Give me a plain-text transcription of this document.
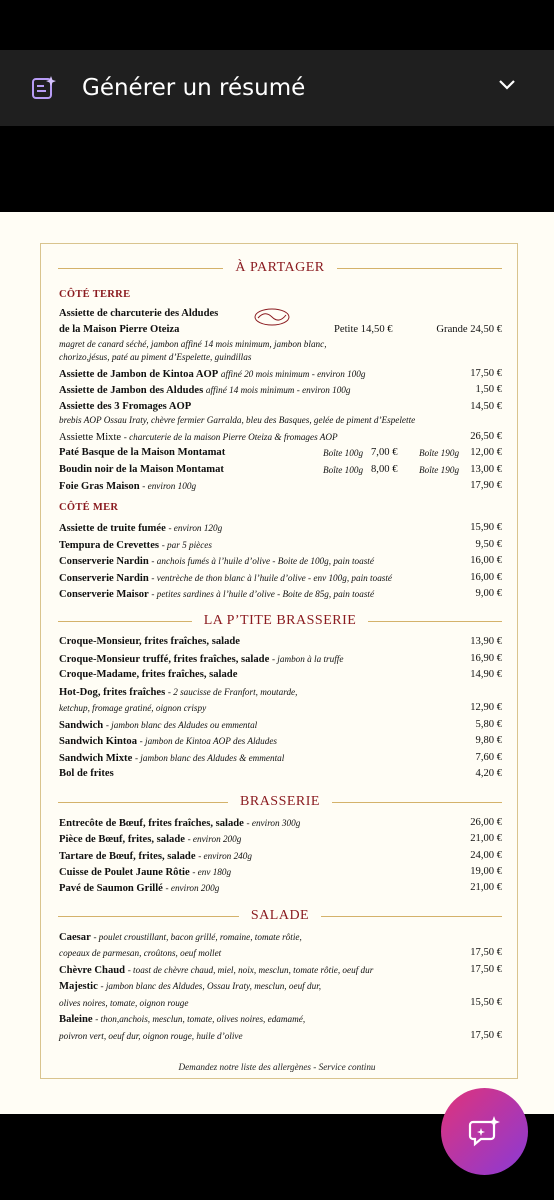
Générer un résumé
À PARTAGER
CÔTÉ TERRE
Assiette de charcuterie des Aldudes
de la Maison Pierre Oteiza	Petite 14,50 €	Grande 24,50 €
magret de canard séché, jambon affiné 14 mois minimum, jambon blanc,
chorizo,jésus, paté au piment d’Espelette, guindillas
Assiette de Jambon de Kintoa AOP affiné 20 mois minimum - environ 100g	17,50 €
Assiette de Jambon des Aldudes affiné 14 mois minimum - environ 100g	1,50 €
Assiette des 3 Fromages AOP	14,50 €
brebis AOP Ossau Iraty, chèvre fermier Garralda, bleu des Basques, gelée de piment d’Espelette
Assiette Mixte - charcuterie de la maison Pierre Oteiza & fromages AOP	26,50 €
Paté Basque de la Maison Montamat	Boîte 100g 7,00 € Boîte 190g 12,00 €
Boudin noir de la Maison Montamat	Boîte 100g 8,00 € Boîte 190g 13,00 €
Foie Gras Maison - environ 100g	17,90 €
CÔTÉ MER
Assiette de truite fumée - environ 120g	15,90 €
Tempura de Crevettes - par 5 pièces	9,50 €
Conserverie Nardin - anchois fumés à l’huile d’olive - Boite de 100g, pain toasté	16,00 €
Conserverie Nardin - ventrèche de thon blanc à l’huile d’olive - env 100g, pain toasté	16,00 €
Conserverie Maisor - petites sardines à l’huile d’olive - Boite de 85g, pain toasté	9,00 €
LA P’TITE BRASSERIE
Croque-Monsieur, frites fraîches, salade	13,90 €
Croque-Monsieur truffé, frites fraîches, salade - jambon à la truffe	16,90 €
Croque-Madame, frites fraîches, salade	14,90 €
Hot-Dog, frites fraîches - 2 saucisse de Franfort, moutarde,
ketchup, fromage gratiné, oignon crispy	12,90 €
Sandwich - jambon blanc des Aldudes ou emmental	5,80 €
Sandwich Kintoa - jambon de Kintoa AOP des Aldudes	9,80 €
Sandwich Mixte - jambon blanc des Aldudes & emmental	7,60 €
Bol de frites	4,20 €
BRASSERIE
Entrecôte de Bœuf, frites fraîches, salade - environ 300g	26,00 €
Pièce de Bœuf, frites, salade - environ 200g	21,00 €
Tartare de Bœuf, frites, salade - environ 240g	24,00 €
Cuisse de Poulet Jaune Rôtie - env 180g	19,00 €
Pavé de Saumon Grillé - environ 200g	21,00 €
SALADE
Caesar - poulet croustillant, bacon grillé, romaine, tomate rôtie,
copeaux de parmesan, croûtons, oeuf mollet	17,50 €
Chèvre Chaud - toast de chèvre chaud, miel, noix, mesclun, tomate rôtie, oeuf dur	17,50 €
Majestic - jambon blanc des Aldudes, Ossau Iraty, mesclun, oeuf dur,
olives noires, tomate, oignon rouge	15,50 €
Baleine - thon,anchois, mesclun, tomate, olives noires, edamamé,
poivron vert, oeuf dur, oignon rouge, huile d’olive	17,50 €
Demandez notre liste des allergènes - Service continu
